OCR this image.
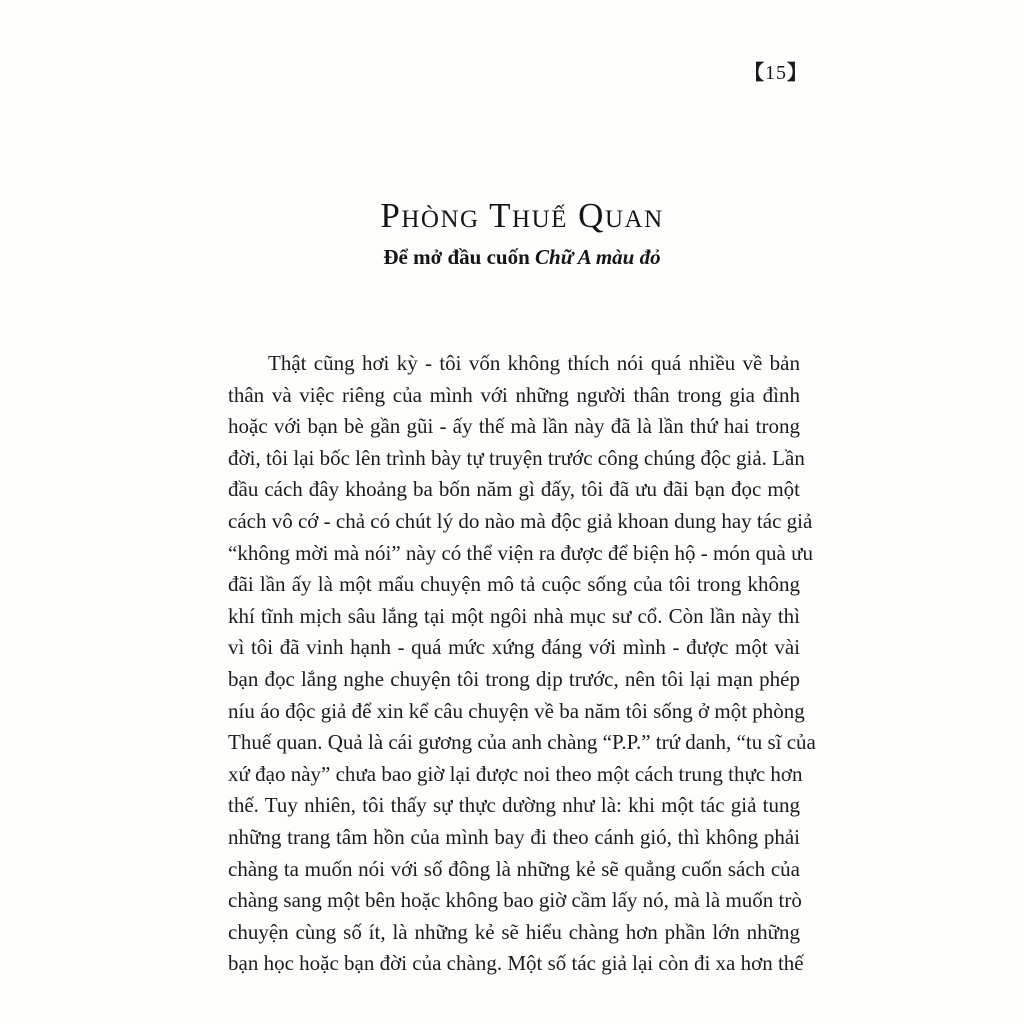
【15】
Phòng Thuế Quan
Để mở đầu cuốn Chữ A màu đỏ
Thật cũng hơi kỳ - tôi vốn không thích nói quá nhiều về bản
thân và việc riêng của mình với những người thân trong gia đình
hoặc với bạn bè gần gũi - ấy thế mà lần này đã là lần thứ hai trong
đời, tôi lại bốc lên trình bày tự truyện trước công chúng độc giả. Lần
đầu cách đây khoảng ba bốn năm gì đấy, tôi đã ưu đãi bạn đọc một
cách vô cớ - chả có chút lý do nào mà độc giả khoan dung hay tác giả
“không mời mà nói” này có thể viện ra được để biện hộ - món quà ưu
đãi lần ấy là một mẩu chuyện mô tả cuộc sống của tôi trong không
khí tĩnh mịch sâu lắng tại một ngôi nhà mục sư cổ. Còn lần này thì
vì tôi đã vinh hạnh - quá mức xứng đáng với mình - được một vài
bạn đọc lắng nghe chuyện tôi trong dịp trước, nên tôi lại mạn phép
níu áo độc giả để xin kể câu chuyện về ba năm tôi sống ở một phòng
Thuế quan. Quả là cái gương của anh chàng “P.P.” trứ danh, “tu sĩ của
xứ đạo này” chưa bao giờ lại được noi theo một cách trung thực hơn
thế. Tuy nhiên, tôi thấy sự thực dường như là: khi một tác giả tung
những trang tâm hồn của mình bay đi theo cánh gió, thì không phải
chàng ta muốn nói với số đông là những kẻ sẽ quẳng cuốn sách của
chàng sang một bên hoặc không bao giờ cầm lấy nó, mà là muốn trò
chuyện cùng số ít, là những kẻ sẽ hiểu chàng hơn phần lớn những
bạn học hoặc bạn đời của chàng. Một số tác giả lại còn đi xa hơn thế
